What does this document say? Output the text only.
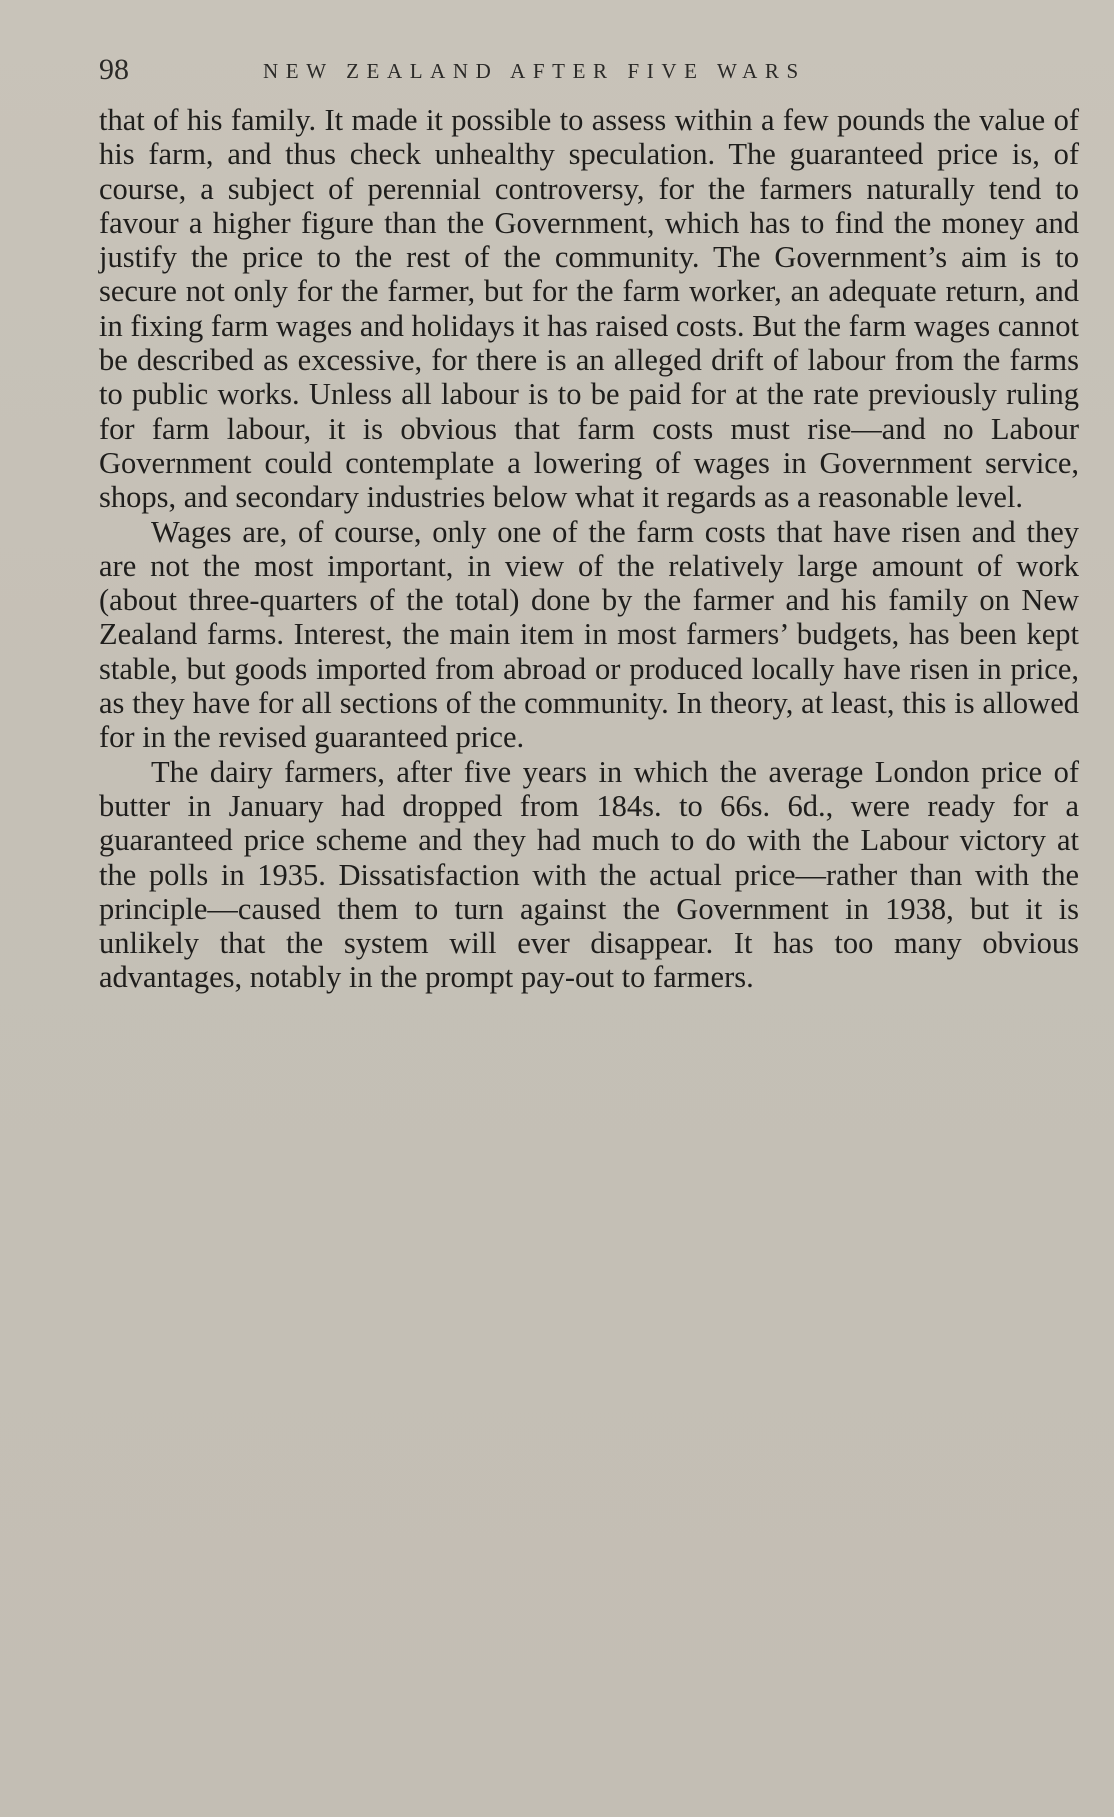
98	NEW ZEALAND AFTER FIVE WARS

that of his family. It made it possible to assess within a few pounds the value of his farm, and thus check unhealthy speculation. The guaranteed price is, of course, a subject of perennial controversy, for the farmers naturally tend to favour a higher figure than the Government, which has to find the money and justify the price to the rest of the community. The Government’s aim is to secure not only for the farmer, but for the farm worker, an adequate return, and in fixing farm wages and holidays it has raised costs. But the farm wages cannot be described as excessive, for there is an alleged drift of labour from the farms to public works. Unless all labour is to be paid for at the rate previously ruling for farm labour, it is obvious that farm costs must rise—and no Labour Government could contemplate a lowering of wages in Government service, shops, and secondary industries below what it regards as a reasonable level.

Wages are, of course, only one of the farm costs that have risen and they are not the most important, in view of the relatively large amount of work (about three-quarters of the total) done by the farmer and his family on New Zealand farms. Interest, the main item in most farmers’ budgets, has been kept stable, but goods imported from abroad or produced locally have risen in price, as they have for all sections of the community. In theory, at least, this is allowed for in the revised guaranteed price.

The dairy farmers, after five years in which the average London price of butter in January had dropped from 184s. to 66s. 6d., were ready for a guaranteed price scheme and they had much to do with the Labour victory at the polls in 1935. Dissatisfaction with the actual price—rather than with the principle—caused them to turn against the Government in 1938, but it is unlikely that the system will ever disappear. It has too many obvious advantages, notably in the prompt pay-out to farmers.
